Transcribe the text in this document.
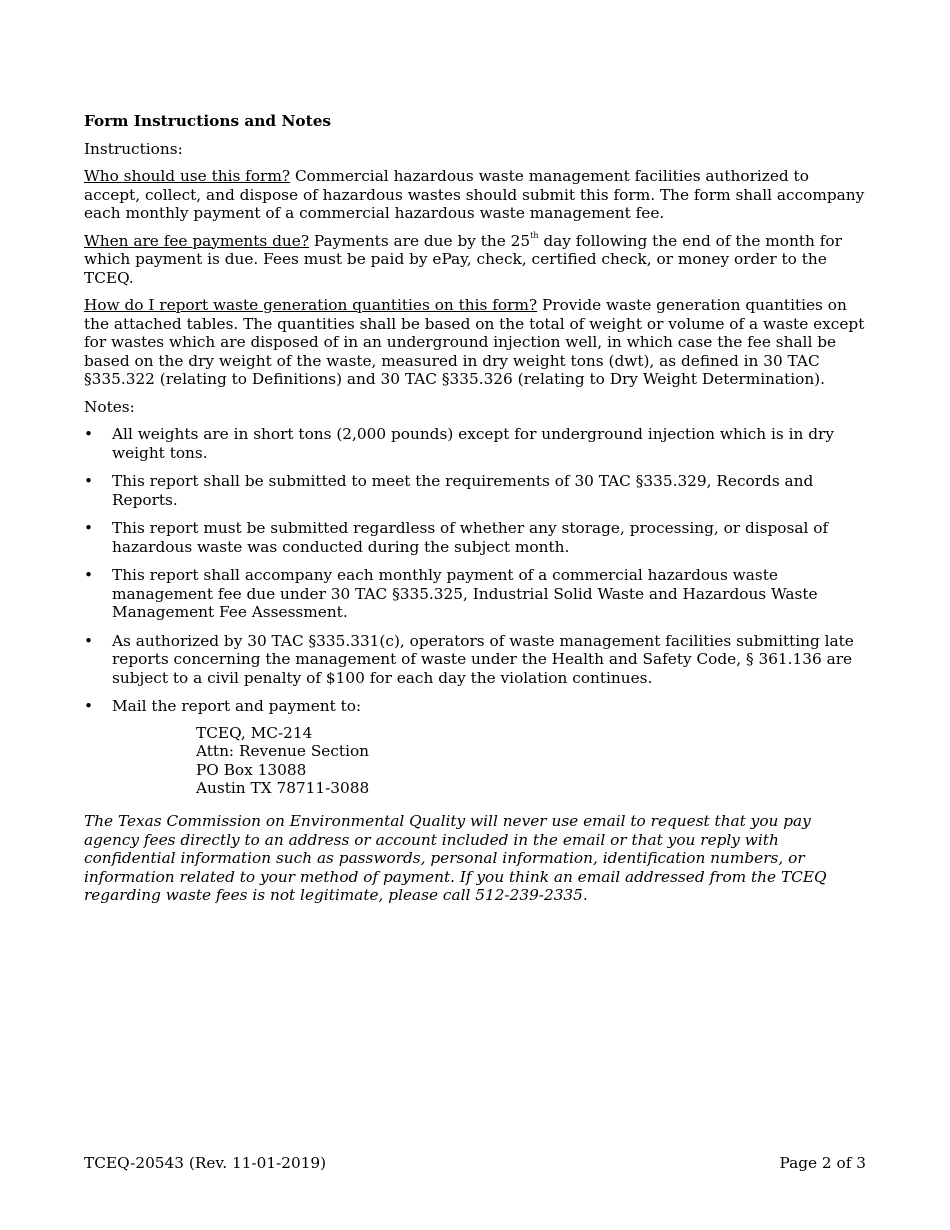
Form Instructions and Notes

Instructions:

Who should use this form? Commercial hazardous waste management facilities authorized to accept, collect, and dispose of hazardous wastes should submit this form. The form shall accompany each monthly payment of a commercial hazardous waste management fee.

When are fee payments due? Payments are due by the 25th day following the end of the month for which payment is due. Fees must be paid by ePay, check, certified check, or money order to the TCEQ.

How do I report waste generation quantities on this form? Provide waste generation quantities on the attached tables. The quantities shall be based on the total of weight or volume of a waste except for wastes which are disposed of in an underground injection well, in which case the fee shall be based on the dry weight of the waste, measured in dry weight tons (dwt), as defined in 30 TAC §335.322 (relating to Definitions) and 30 TAC §335.326 (relating to Dry Weight Determination).

Notes:

• All weights are in short tons (2,000 pounds) except for underground injection which is in dry weight tons.
• This report shall be submitted to meet the requirements of 30 TAC §335.329, Records and Reports.
• This report must be submitted regardless of whether any storage, processing, or disposal of hazardous waste was conducted during the subject month.
• This report shall accompany each monthly payment of a commercial hazardous waste management fee due under 30 TAC §335.325, Industrial Solid Waste and Hazardous Waste Management Fee Assessment.
• As authorized by 30 TAC §335.331(c), operators of waste management facilities submitting late reports concerning the management of waste under the Health and Safety Code, § 361.136 are subject to a civil penalty of $100 for each day the violation continues.
• Mail the report and payment to:
TCEQ, MC-214
Attn: Revenue Section
PO Box 13088
Austin TX 78711-3088
The Texas Commission on Environmental Quality will never use email to request that you pay agency fees directly to an address or account included in the email or that you reply with confidential information such as passwords, personal information, identification numbers, or information related to your method of payment. If you think an email addressed from the TCEQ regarding waste fees is not legitimate, please call 512-239-2335.
TCEQ-20543 (Rev. 11-01-2019)	Page 2 of 3
